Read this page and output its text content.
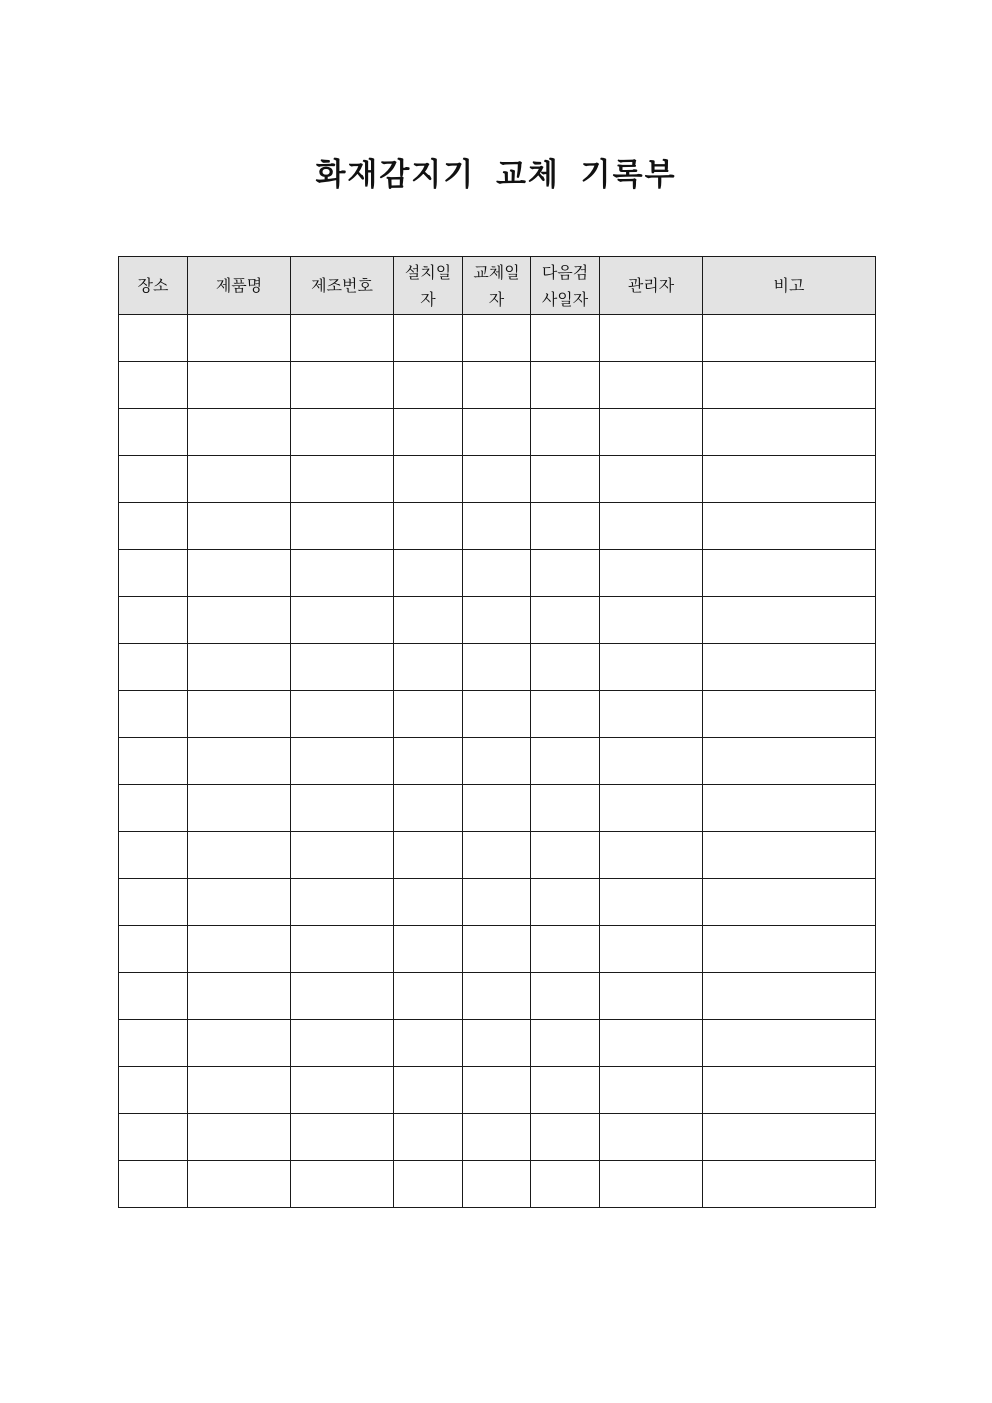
화재감지기 교체 기록부
장소	제품명	제조번호	설치일자	교체일자	다음검사일자	관리자	비고
